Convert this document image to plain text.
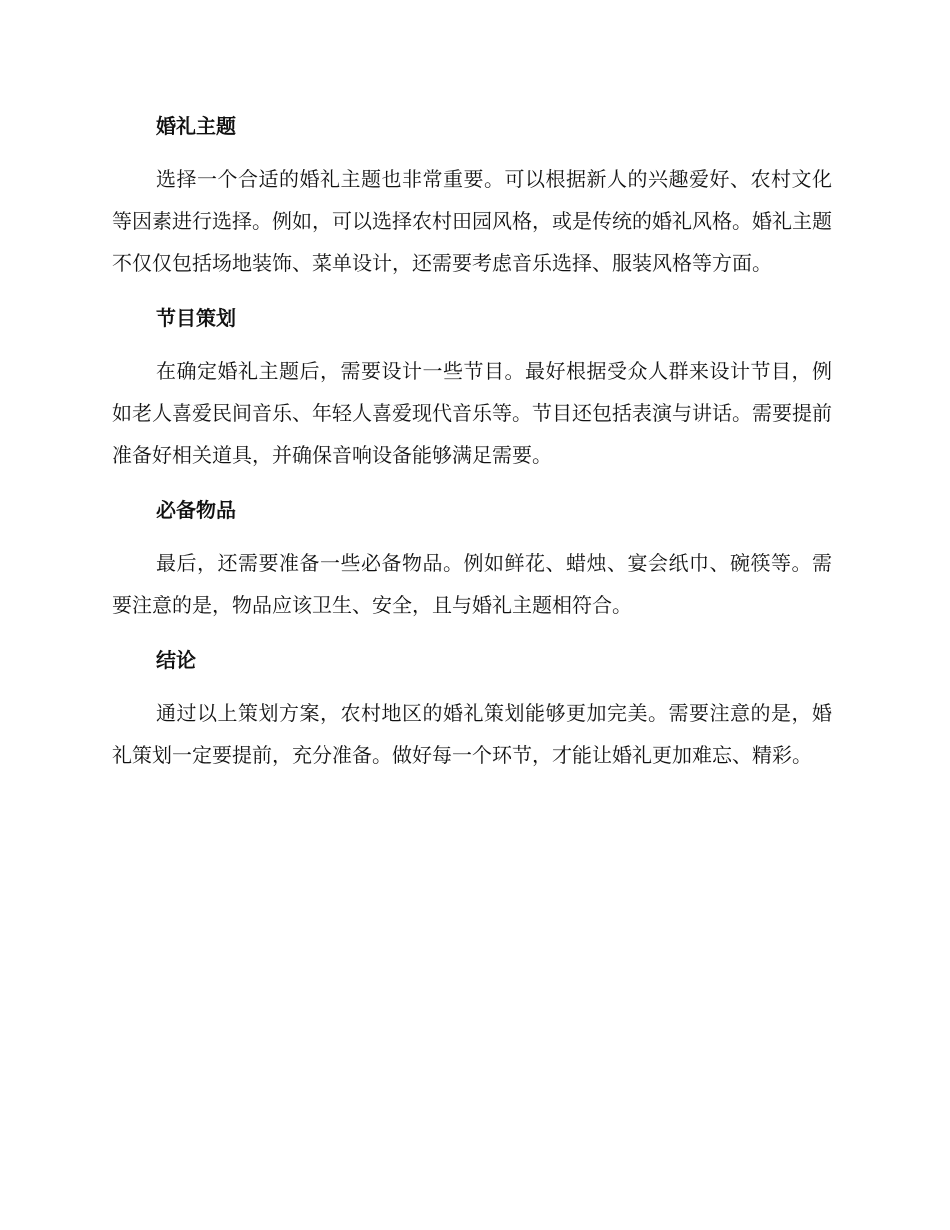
婚礼主题

选择一个合适的婚礼主题也非常重要。可以根据新人的兴趣爱好、农村文化等因素进行选择。例如，可以选择农村田园风格，或是传统的婚礼风格。婚礼主题不仅仅包括场地装饰、菜单设计，还需要考虑音乐选择、服装风格等方面。

节目策划

在确定婚礼主题后，需要设计一些节目。最好根据受众人群来设计节目，例如老人喜爱民间音乐、年轻人喜爱现代音乐等。节目还包括表演与讲话。需要提前准备好相关道具，并确保音响设备能够满足需要。

必备物品

最后，还需要准备一些必备物品。例如鲜花、蜡烛、宴会纸巾、碗筷等。需要注意的是，物品应该卫生、安全，且与婚礼主题相符合。

结论

通过以上策划方案，农村地区的婚礼策划能够更加完美。需要注意的是，婚礼策划一定要提前，充分准备。做好每一个环节，才能让婚礼更加难忘、精彩。
